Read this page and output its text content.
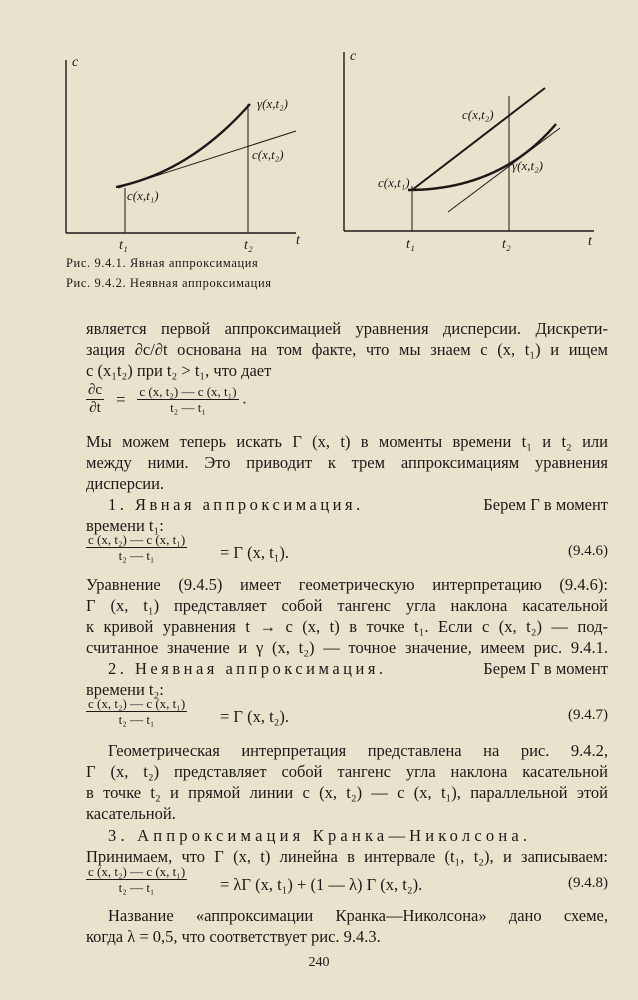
c
t
t₁	t₂
γ(x,t₂)
c(x,t₂)
c(x,t₁)
c
t
t₁	t₂
c(x,t₂)
γ(x,t₂)
c(x,t₁)
Рис. 9.4.1. Явная аппроксимация
Рис. 9.4.2. Неявная аппроксимация
является первой аппроксимацией уравнения дисперсии. Дискрети-
зация ∂c/∂t основана на том факте, что мы знаем c (x, t₁) и ищем
c (x₁t₂) при t₂ > t₁, что дает
$\frac{\partial c}{\partial t} = \frac{\text{c (x, t₂) — c (x, t₁)}}{\text{t₂ — t₁}}$ .
Мы можем теперь искать Γ (x, t) в моменты времени t₁ и t₂ или
между ними. Это приводит к трем аппроксимациям уравнения
дисперсии.
1. Явная аппроксимация.	Берем Γ в момент
времени t₁:
$\frac{\text{c (x, t₂) — c (x, t₁)}}{\text{t₂ — t₁}} = \Gamma$ (x, t₁).	(9.4.6)
Уравнение (9.4.5) имеет геометрическую интерпретацию (9.4.6):
Γ (x, t₁) представляет собой тангенс угла наклона касательной
к кривой уравнения t → c (x, t) в точке t₁. Если c (x, t₂) — под-
считанное значение и γ (x, t₂) — точное значение, имеем рис. 9.4.1.
2. Неявная аппроксимация.	Берем Γ в момент
времени t₂:
$\frac{\text{c (x, t₂) — c (x, t₁)}}{\text{t₂ — t₁}} = \Gamma$ (x, t₂).	(9.4.7)
Геометрическая интерпретация представлена на рис. 9.4.2,
Γ (x, t₂) представляет собой тангенс угла наклона касательной
в точке t₂ и прямой линии c (x, t₂) — c (x, t₁), параллельной этой
касательной.
3. Аппроксимация Кранка—Николсона.
Принимаем, что Γ (x, t) линейна в интервале (t₁, t₂), и записываем:
$\frac{\text{c (x, t₂) — c (x, t₁)}}{\text{t₂ — t₁}} = \lambda\Gamma$ (x, t₁) + (1 — λ) Γ (x, t₂).	(9.4.8)
Название «аппроксимации Кранка—Николсона» дано схеме,
когда λ = 0,5, что соответствует рис. 9.4.3.
240
